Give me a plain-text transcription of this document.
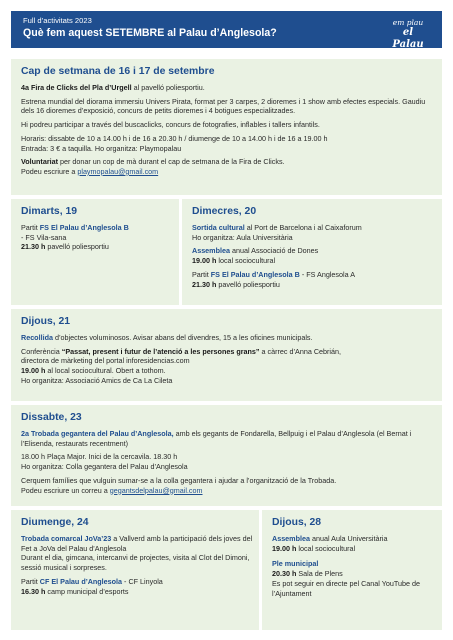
Full d’activitats 2023
Què fem aquest SETEMBRE al Palau d’Anglesola?
em plau
el Palau
Cap de setmana de 16 i 17 de setembre

4a Fira de Clicks del Pla d’Urgell al pavelló poliesportiu.

Estrena mundial del diorama immersiu Univers Pirata, format per 3 carpes, 2 dioremes i 1 show amb efectes especials. Gaudiu dels 16 dioremes d’exposició, concurs de petits dioremes i 4 botigues especialitzades.

Hi podreu participar a través del buscaclicks, concurs de fotografies, inflables i tallers infantils.

Horaris: dissabte de 10 a 14.00 h i de 16 a 20.30 h / diumenge de 10 a 14.00 h i de 16 a 19.00 h
Entrada: 3 € a taquilla. Ho organitza: Playmopalau

Voluntariat per donar un cop de mà durant el cap de setmana de la Fira de Clicks.
Podeu escriure a playmopalau@gmail.com

Dimarts, 19

Partit FS El Palau d’Anglesola B
- FS Vila-sana
21.30 h pavelló poliesportiu

Dimecres, 20

Sortida cultural al Port de Barcelona i al Caixaforum
Ho organitza: Aula Universitària

Assemblea anual Associació de Dones
19.00 h local sociocultural

Partit FS El Palau d’Anglesola B - FS Anglesola A
21.30 h pavelló poliesportiu

Dijous, 21

Recollida d’objectes voluminosos. Avisar abans del divendres, 15 a les oficines municipals.

Conferència “Passat, present i futur de l’atenció a les persones grans” a càrrec d’Anna Cebrián,
directora de màrketing del portal inforesidencias.com
19.00 h al local sociocultural. Obert a tothom.
Ho organitza: Associació Amics de Ca La Cileta

Dissabte, 23

2a Trobada gegantera del Palau d’Anglesola, amb els gegants de Fondarella, Bellpuig i el Palau d’Anglesola (el Bernat i l’Elisenda, restaurats recentment)

18.00 h Plaça Major. Inici de la cercavila. 18.30 h
Ho organitza: Colla gegantera del Palau d’Anglesola

Cerquem famílies que vulguin sumar-se a la colla gegantera i ajudar a l’organització de la Trobada.
Podeu escriure un correu a gegantsdelpalau@gmail.com

Diumenge, 24

Trobada comarcal JoVa’23 a Vallverd amb la participació dels joves del Fet a JoVa del Palau d’Anglesola
Durant el dia, gimcana, intercanvi de projectes, visita al Clot del Dimoni, sessió musical i sorpreses.

Partit CF El Palau d’Anglesola - CF Linyola
16.30 h camp municipal d’esports

Dijous, 28

Assemblea anual Aula Universitària
19.00 h local sociocultural

Ple municipal
20.30 h Sala de Plens
Es pot seguir en directe pel Canal YouTube de l’Ajuntament
